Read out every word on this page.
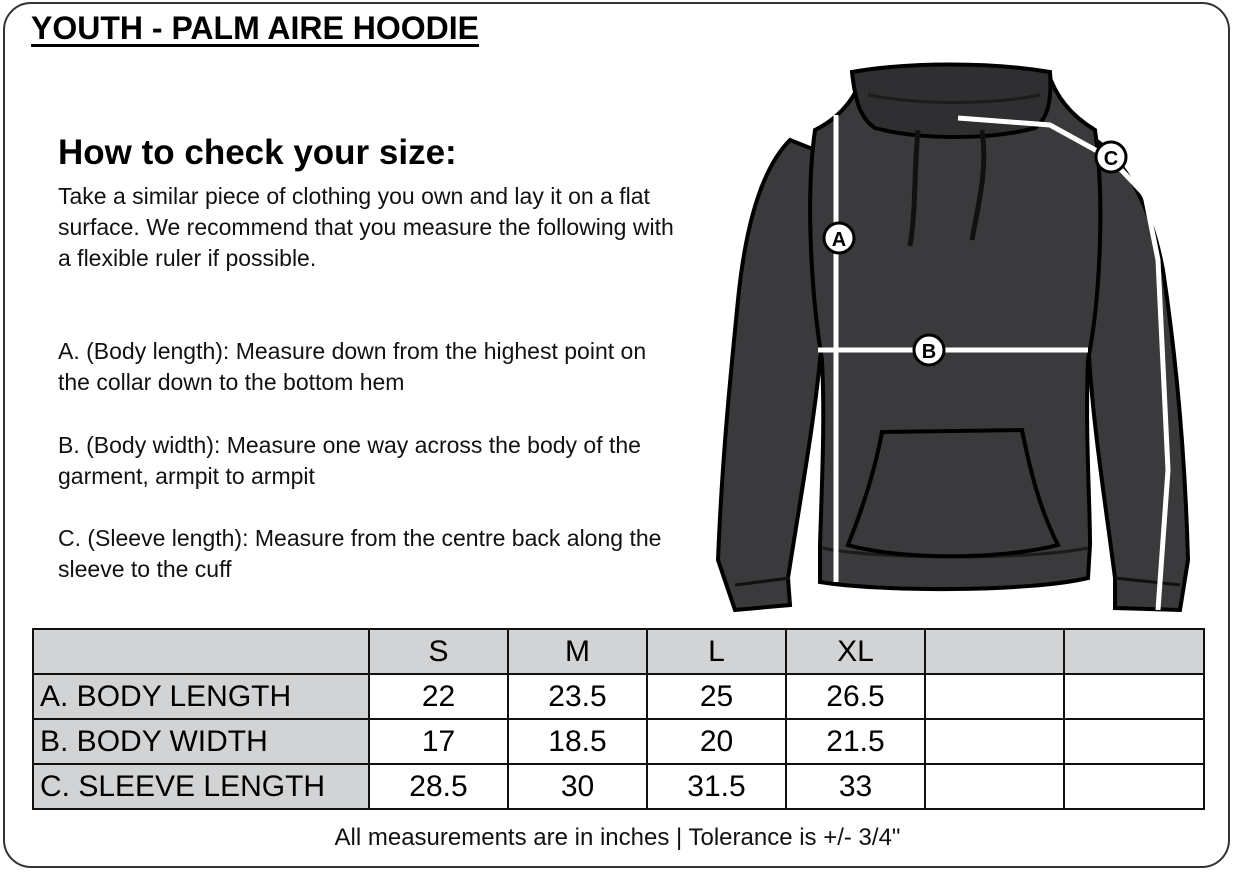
YOUTH - PALM AIRE HOODIE
How to check your size:
Take a similar piece of clothing you own and lay it on a flat surface. We recommend that you measure the following with a flexible ruler if possible.
A. (Body length): Measure down from the highest point on the collar down to the bottom hem
B. (Body width): Measure one way across the body of the garment, armpit to armpit
C. (Sleeve length): Measure from the centre back along the sleeve to the cuff
A
B
C
	S	M	L	XL		
A. BODY LENGTH	22	23.5	25	26.5		
B. BODY WIDTH	17	18.5	20	21.5		
C. SLEEVE LENGTH	28.5	30	31.5	33		
All measurements are in inches | Tolerance is +/- 3/4"
